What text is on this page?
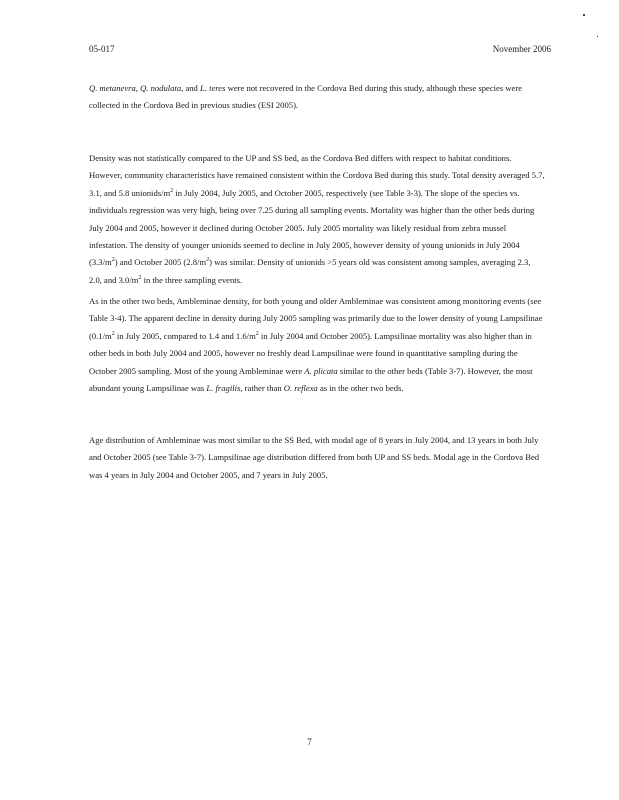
05-017	November 2006
Q. metanevra, Q. nodulata, and L. teres were not recovered in the Cordova Bed during this study, although these species were collected in the Cordova Bed in previous studies (ESI 2005).
Density was not statistically compared to the UP and SS bed, as the Cordova Bed differs with respect to habitat conditions. However, community characteristics have remained consistent within the Cordova Bed during this study. Total density averaged 5.7, 3.1, and 5.8 unionids/$m^2$ in July 2004, July 2005, and October 2005, respectively (see Table 3-3). The slope of the species vs. individuals regression was very high, being over 7.25 during all sampling events. Mortality was higher than the other beds during July 2004 and 2005, however it declined during October 2005. July 2005 mortality was likely residual from zebra mussel infestation. The density of younger unionids seemed to decline in July 2005, however density of young unionids in July 2004 $(3.3/m^2)$ and October 2005 $(2.8/m^2)$ was similar. Density of unionids >5 years old was consistent among samples, averaging 2.3, 2.0, and $3.0/m^2$ in the three sampling events.
As in the other two beds, Ambleminae density, for both young and older Ambleminae was consistent among monitoring events (see Table 3-4). The apparent decline in density during July 2005 sampling was primarily due to the lower density of young Lampsilinae ($0.1/m^2$ in July 2005, compared to 1.4 and $1.6/m^2$ in July 2004 and October 2005). Lampsilinae mortality was also higher than in other beds in both July 2004 and 2005, however no freshly dead Lampsilinae were found in quantitative sampling during the October 2005 sampling. Most of the young Ambleminae were A. plicata similar to the other beds (Table 3-7). However, the most abundant young Lampsilinae was L. fragilis, rather than O. reflexa as in the other two beds.
Age distribution of Ambleminae was most similar to the SS Bed, with modal age of 8 years in July 2004, and 13 years in both July and October 2005 (see Table 3-7). Lampsilinae age distribution differed from both UP and SS beds. Modal age in the Cordova Bed was 4 years in July 2004 and October 2005, and 7 years in July 2005.
7
